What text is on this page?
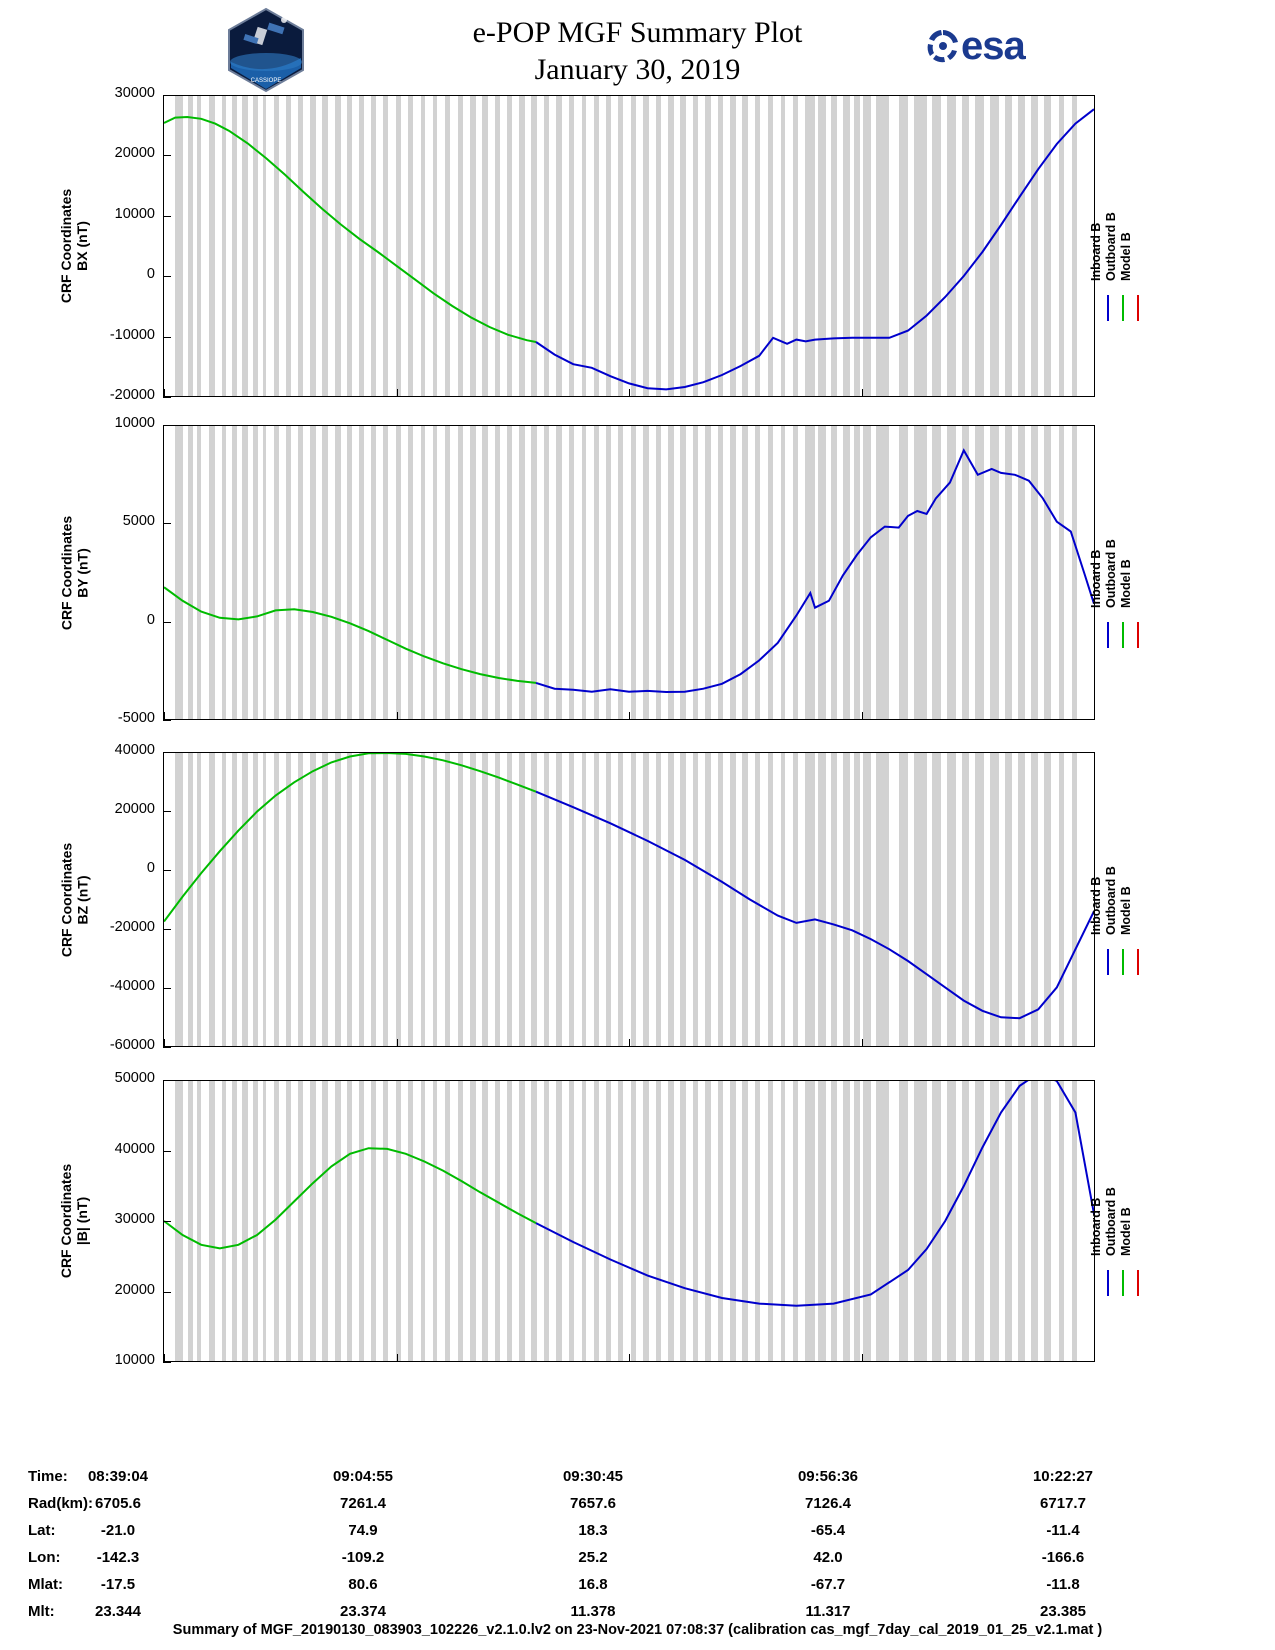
e-POP MGF Summary Plot
January 30, 2019
CASSIOPE
esa
30000
20000
10000
0
-10000
-20000
CRF Coordinates BX (nT)	Inboard B Outboard B Model B
10000
5000
0
-5000
CRF Coordinates BY (nT)	Inboard B Outboard B Model B
40000
20000
0
-20000
-40000
-60000
CRF Coordinates BZ (nT)	Inboard B Outboard B Model B
50000
40000
30000
20000
10000
CRF Coordinates |B| (nT)	Inboard B Outboard B Model B
Time:	08:39:04	09:04:55	09:30:45	09:56:36	10:22:27
Rad(km): 6705.6	7261.4	7657.6	7126.4	6717.7
Lat:	-21.0	74.9	18.3	-65.4	-11.4
Lon:	-142.3	-109.2	25.2	42.0	-166.6
Mlat:	-17.5	80.6	16.8	-67.7	-11.8
Mlt:	23.344	23.374	11.378	11.317	23.385
Summary of MGF_20190130_083903_102226_v2.1.0.lv2 on 23-Nov-2021 07:08:37 (calibration cas_mgf_7day_cal_2019_01_25_v2.1.mat )
